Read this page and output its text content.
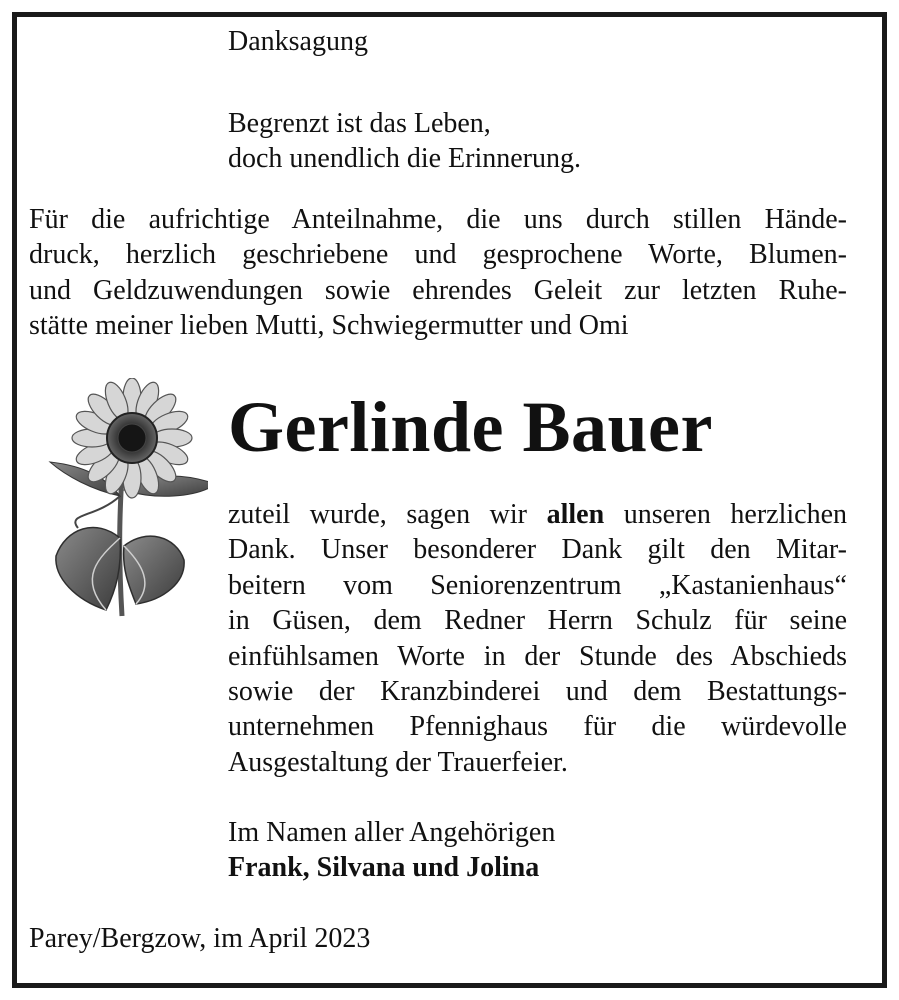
Danksagung

Begrenzt ist das Leben,
doch unendlich die Erinnerung.
Für die aufrichtige Anteilnahme, die uns durch stillen Hände-
druck, herzlich geschriebene und gesprochene Worte, Blumen-
und Geldzuwendungen sowie ehrendes Geleit zur letzten Ruhe-
stätte meiner lieben Mutti, Schwiegermutter und Omi
Gerlinde Bauer
zuteil wurde, sagen wir allen unseren herzlichen
Dank. Unser besonderer Dank gilt den Mitar-
beitern vom Seniorenzentrum „Kastanienhaus“
in Güsen, dem Redner Herrn Schulz für seine
einfühlsamen Worte in der Stunde des Abschieds
sowie der Kranzbinderei und dem Bestattungs-
unternehmen Pfennighaus für die würdevolle
Ausgestaltung der Trauerfeier.
Im Namen aller Angehörigen
Frank, Silvana und Jolina

Parey/Bergzow, im April 2023
